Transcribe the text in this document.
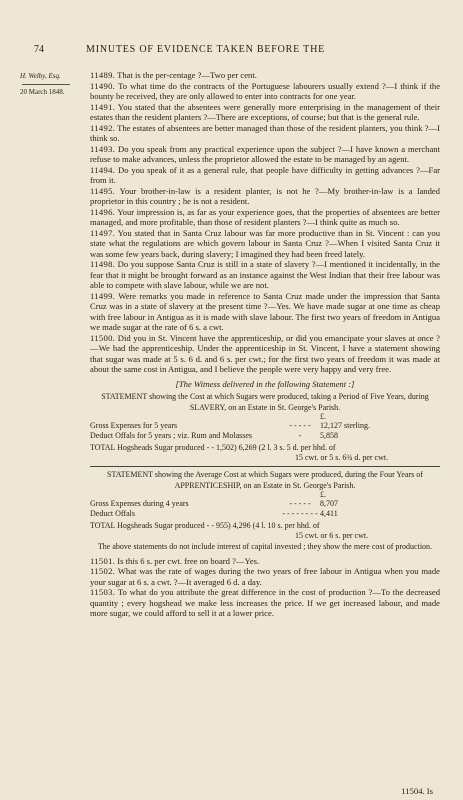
74	MINUTES OF EVIDENCE TAKEN BEFORE THE
H. Welby, Esq.
20 March 1848.

11489. That is the per-centage ?—Two per cent.

11490. To what time do the contracts of the Portuguese labourers usually extend ?—I think if the bounty be received, they are only allowed to enter into contracts for one year.

11491. You stated that the absentees were generally more enterprising in the management of their estates than the resident planters ?—There are exceptions, of course; but that is the general rule.

11492. The estates of absentees are better managed than those of the resident planters, you think ?—I think so.

11493. Do you speak from any practical experience upon the subject ?—I have known a merchant refuse to make advances, unless the proprietor allowed the estate to be managed by an agent.

11494. Do you speak of it as a general rule, that people have difficulty in getting advances ?—Far from it.

11495. Your brother-in-law is a resident planter, is not he ?—My brother-in-law is a landed proprietor in this country ; he is not a resident.

11496. Your impression is, as far as your experience goes, that the properties of absentees are better managed, and more profitable, than those of resident planters ?—I think quite as much so.

11497. You stated that in Santa Cruz labour was far more productive than in St. Vincent : can you state what the regulations are which govern labour in Santa Cruz ?—When I visited Santa Cruz it was some few years back, during slavery; I imagined they had been freed lately.

11498. Do you suppose Santa Cruz is still in a state of slavery ?—I mentioned it incidentally, in the fear that it might be brought forward as an instance against the West Indian that their free labour was able to compete with slave labour, while we are not.

11499. Were remarks you made in reference to Santa Cruz made under the impression that Santa Cruz was in a state of slavery at the present time ?—Yes. We have made sugar at one time as cheap with free labour in Antigua as it is made with slave labour. The first two years of freedom in Antigua we made sugar at the rate of 6 s. a cwt.

11500. Did you in St. Vincent have the apprenticeship, or did you emancipate your slaves at once ?—We had the apprenticeship. Under the apprenticeship in St. Vincent, I have a statement showing that sugar was made at 5 s. 6 d. and 6 s. per cwt.; for the first two years of freedom it was made at about the same cost in Antigua, and I believe the people were very happy and very free.

[The Witness delivered in the following Statement :]
STATEMENT showing the Cost at which Sugars were produced, taking a Period of Five Years, during SLAVERY, on an Estate in St. George's Parish.
£.
Gross Expenses for 5 years	- - - - -	12,127 sterling.
Deduct Offals for 5 years ; viz. Rum and Molasses	-	5,858
TOTAL Hogsheads Sugar produced - - 1,502) 6,269 (2 l. 3 s. 5 d. per hhd. of
15 cwt. or 5 s. 6¾ d. per cwt.
STATEMENT showing the Average Cost at which Sugars were produced, during the Four Years of APPRENTICESHIP, on an Estate in St. George's Parish.
£.
Gross Expenses during 4 years	- - - - -	8,707
Deduct Offals	- - - - - - - - 4,411
TOTAL Hogsheads Sugar produced - - 955) 4,296 (4 l. 10 s. per hhd. of
15 cwt. or 6 s. per cwt.
The above statements do not include interest of capital invested ; they show the mere cost of production.

11501. Is this 6 s. per cwt. free on board ?—Yes.

11502. What was the rate of wages during the two years of free labour in Antigua when you made your sugar at 6 s. a cwt. ?—It averaged 6 d. a day.

11503. To what do you attribute the great difference in the cost of production ?—To the decreased quantity ; every hogshead we make less increases the price. If we get increased labour, and made more sugar, we could afford to sell it at a lower price.

11504. Is
